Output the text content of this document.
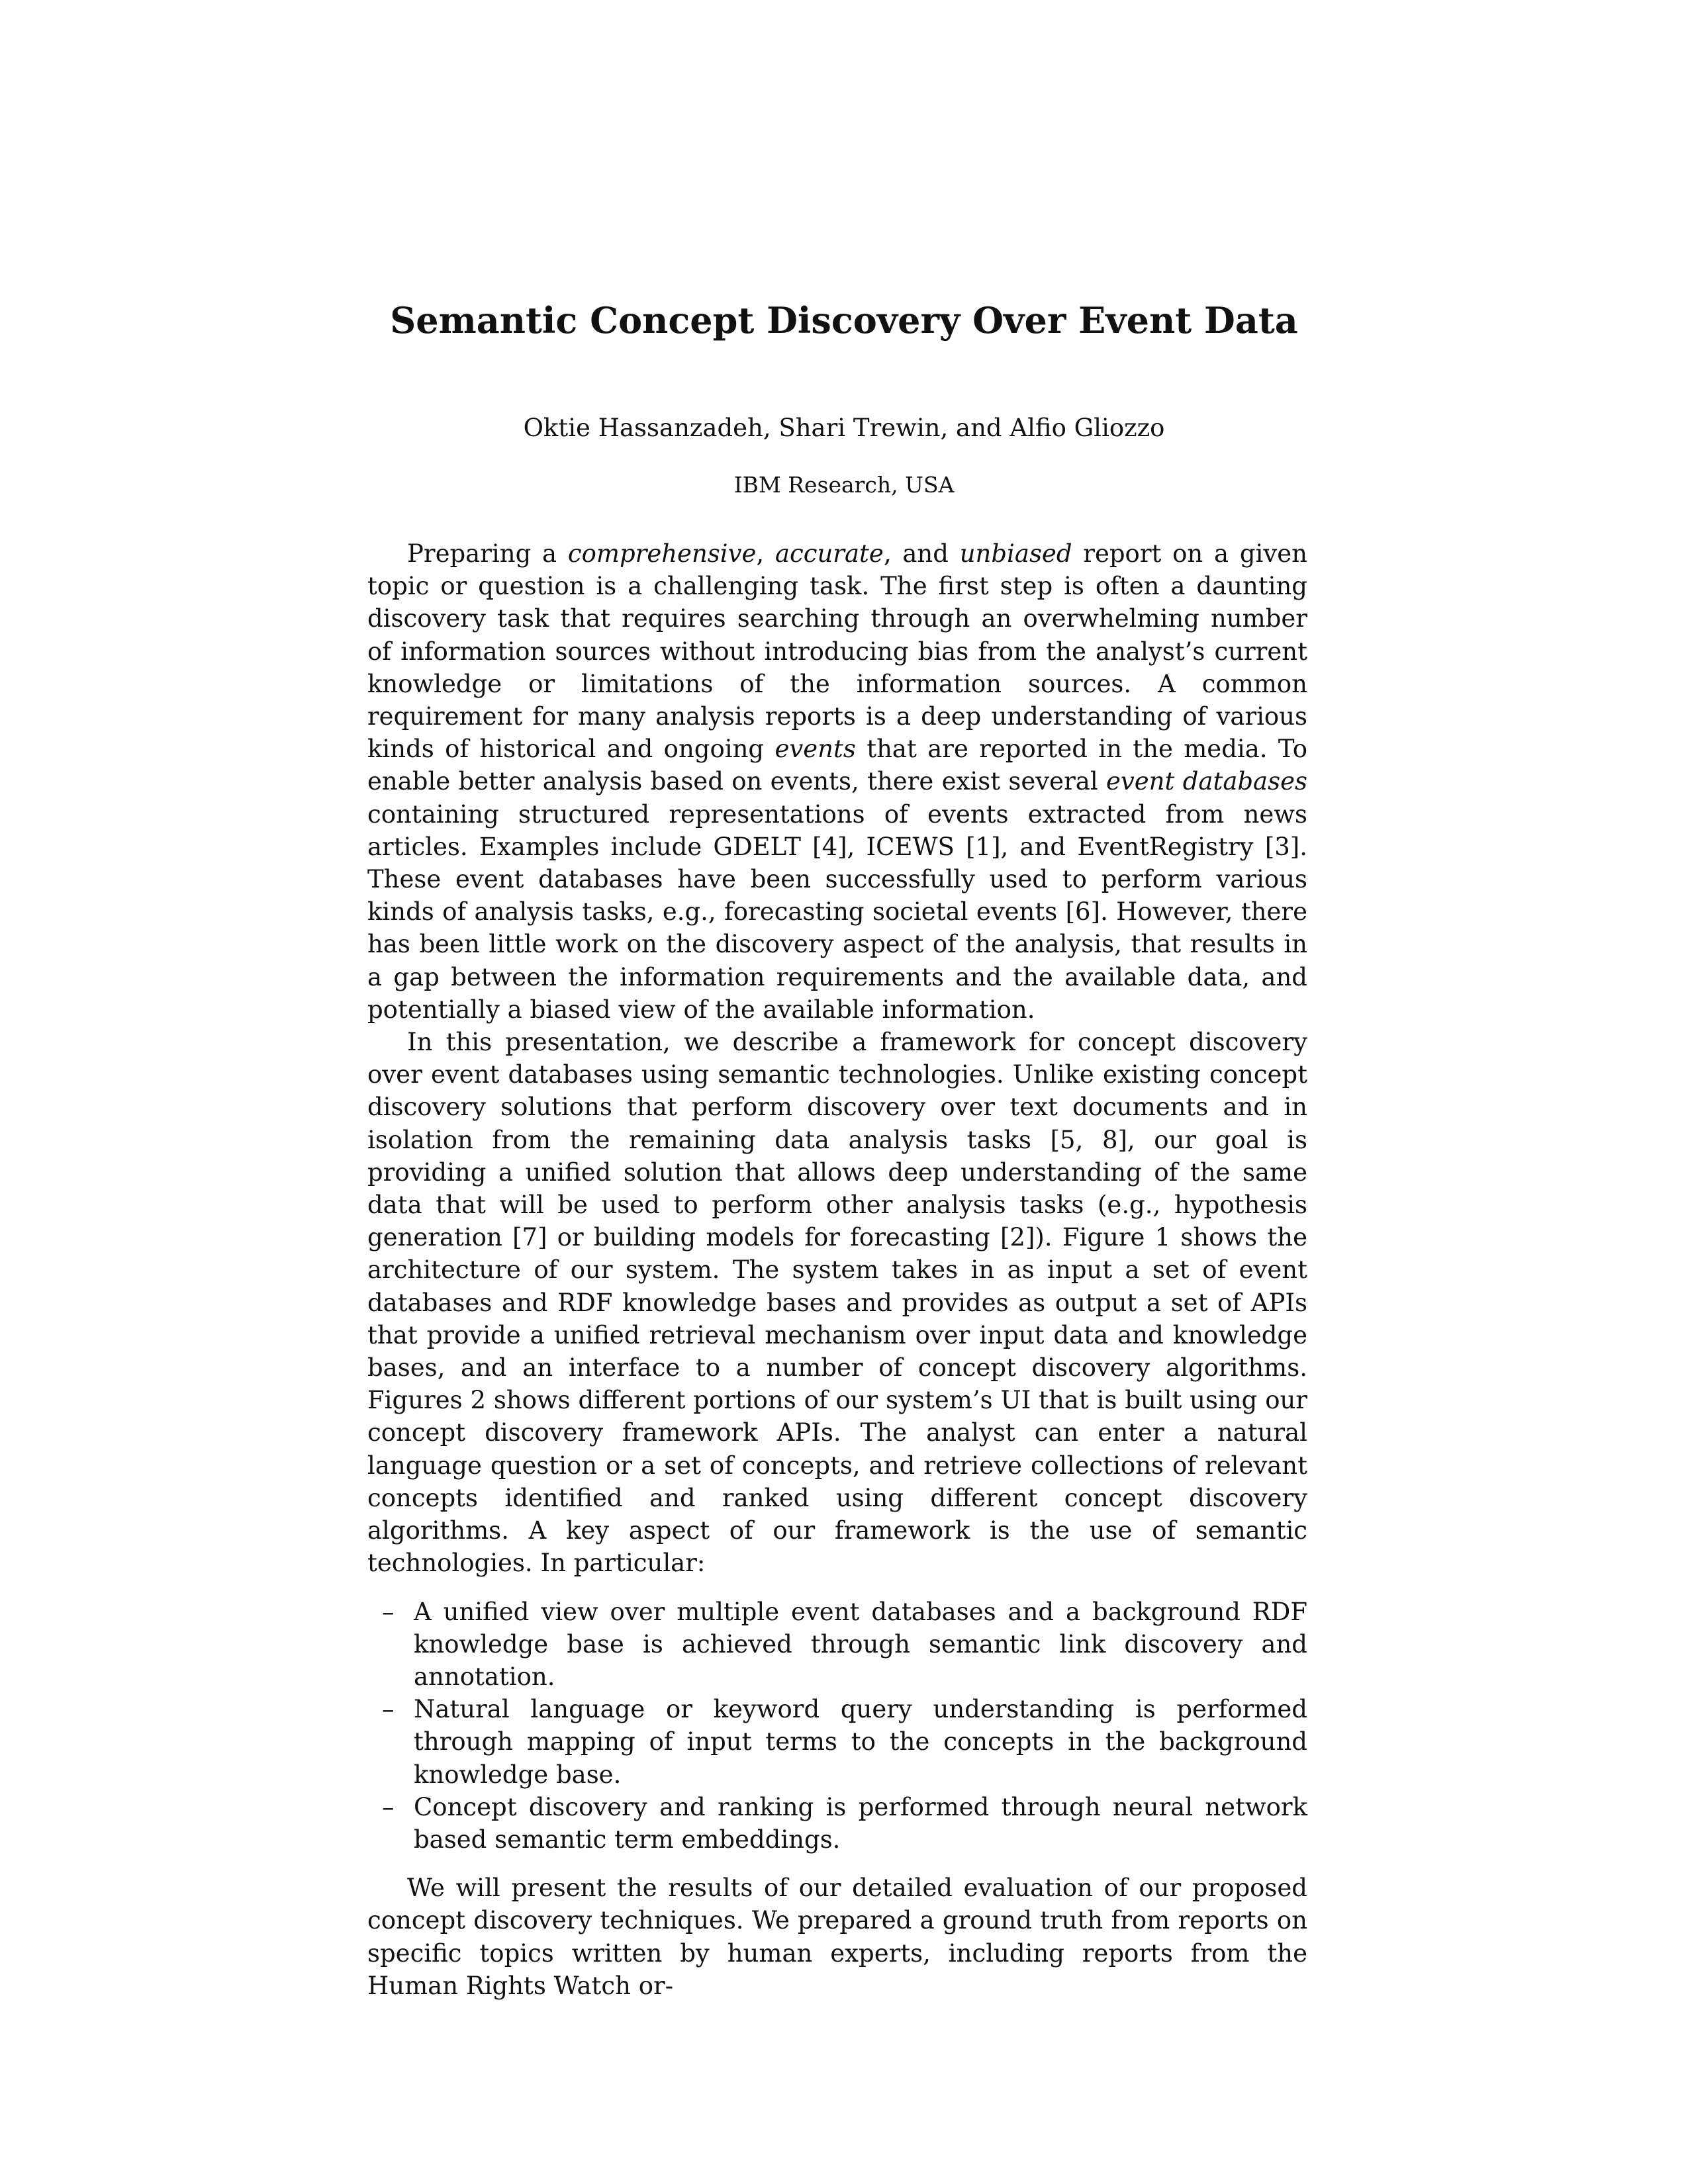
Semantic Concept Discovery Over Event Data
Oktie Hassanzadeh, Shari Trewin, and Alfio Gliozzo
IBM Research, USA

Preparing a comprehensive, accurate, and unbiased report on a given topic or question is a challenging task. The first step is often a daunting discovery task that requires searching through an overwhelming number of information sources without introducing bias from the analyst’s current knowledge or limitations of the information sources. A common requirement for many analysis reports is a deep understanding of various kinds of historical and ongoing events that are reported in the media. To enable better analysis based on events, there exist several event databases containing structured representations of events extracted from news articles. Examples include GDELT [4], ICEWS [1], and EventRegistry [3]. These event databases have been successfully used to perform various kinds of analysis tasks, e.g., forecasting societal events [6]. However, there has been little work on the discovery aspect of the analysis, that results in a gap between the information requirements and the available data, and potentially a biased view of the available information.

In this presentation, we describe a framework for concept discovery over event databases using semantic technologies. Unlike existing concept discovery solutions that perform discovery over text documents and in isolation from the remaining data analysis tasks [5, 8], our goal is providing a unified solution that allows deep understanding of the same data that will be used to perform other analysis tasks (e.g., hypothesis generation [7] or building models for forecasting [2]). Figure 1 shows the architecture of our system. The system takes in as input a set of event databases and RDF knowledge bases and provides as output a set of APIs that provide a unified retrieval mechanism over input data and knowledge bases, and an interface to a number of concept discovery algorithms. Figures 2 shows different portions of our system’s UI that is built using our concept discovery framework APIs. The analyst can enter a natural language question or a set of concepts, and retrieve collections of relevant concepts identified and ranked using different concept discovery algorithms. A key aspect of our framework is the use of semantic technologies. In particular:

– A unified view over multiple event databases and a background RDF knowledge base is achieved through semantic link discovery and annotation.
– Natural language or keyword query understanding is performed through mapping of input terms to the concepts in the background knowledge base.
– Concept discovery and ranking is performed through neural network based semantic term embeddings.

We will present the results of our detailed evaluation of our proposed concept discovery techniques. We prepared a ground truth from reports on specific topics written by human experts, including reports from the Human Rights Watch or-
